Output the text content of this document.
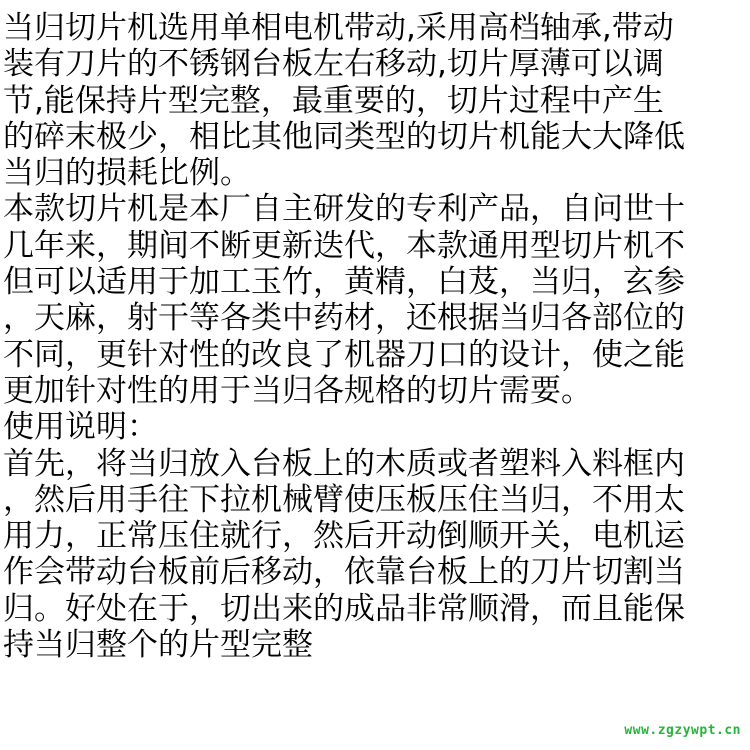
当归切片机选用单相电机带动,采用高档轴承,带动
装有刀片的不锈钢台板左右移动,切片厚薄可以调
节,能保持片型完整，最重要的，切片过程中产生
的碎末极少，相比其他同类型的切片机能大大降低
当归的损耗比例。
本款切片机是本厂自主研发的专利产品，自问世十
几年来，期间不断更新迭代，本款通用型切片机不
但可以适用于加工玉竹，黄精，白芨，当归，玄参
，天麻，射干等各类中药材，还根据当归各部位的
不同，更针对性的改良了机器刀口的设计，使之能
更加针对性的用于当归各规格的切片需要。
使用说明：
首先，将当归放入台板上的木质或者塑料入料框内
，然后用手往下拉机械臂使压板压住当归，不用太
用力，正常压住就行，然后开动倒顺开关，电机运
作会带动台板前后移动，依靠台板上的刀片切割当
归。好处在于，切出来的成品非常顺滑，而且能保
持当归整个的片型完整
www.zgzywpt.cn
